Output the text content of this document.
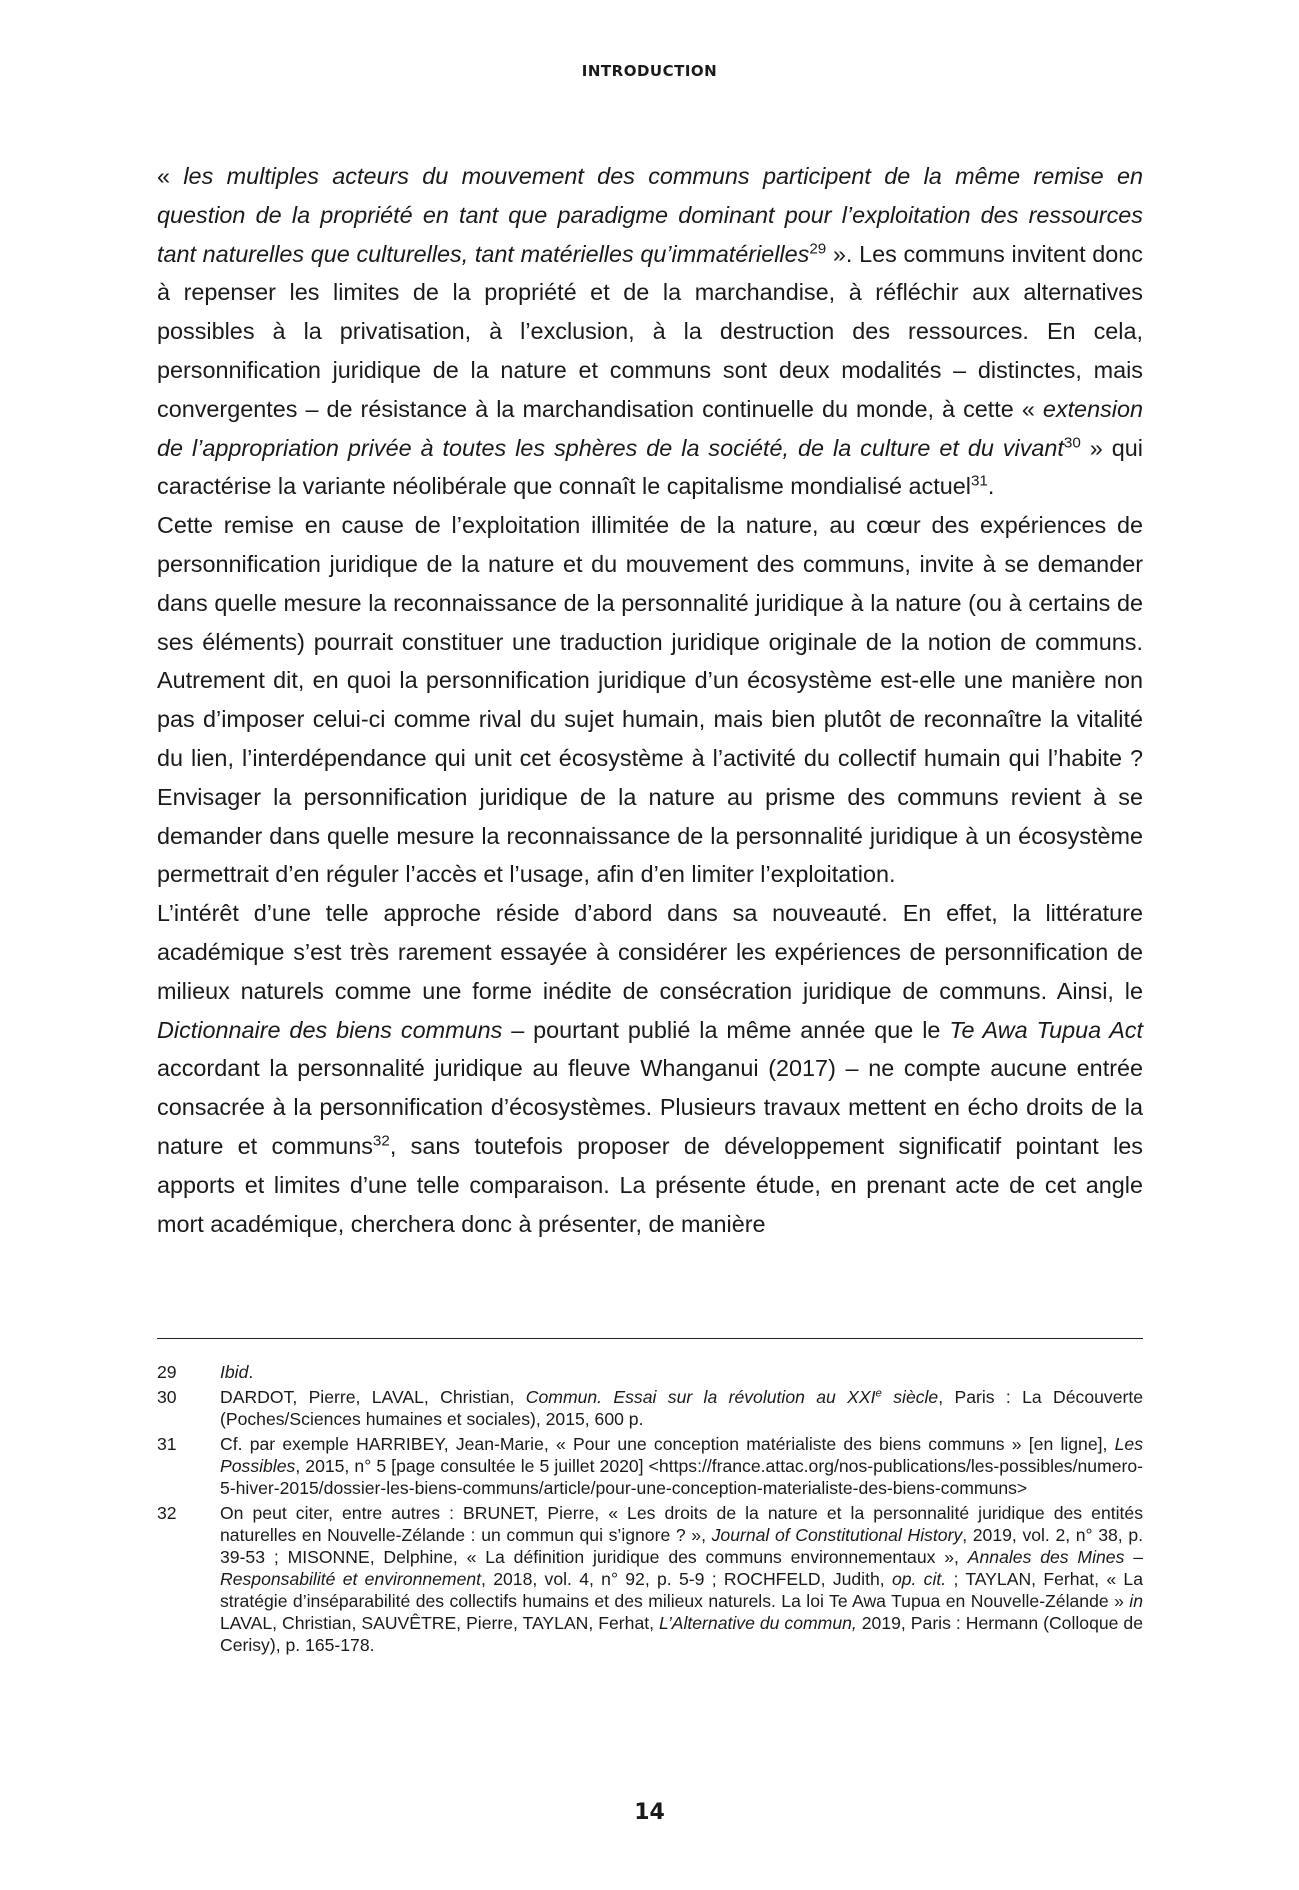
INTRODUCTION

« les multiples acteurs du mouvement des communs participent de la même remise en question de la propriété en tant que paradigme dominant pour l’exploitation des ressources tant naturelles que culturelles, tant matérielles qu’immatérielles$^{29}$ ». Les communs invitent donc à repenser les limites de la propriété et de la marchandise, à réfléchir aux alternatives possibles à la privatisation, à l’exclusion, à la destruction des ressources. En cela, personnification juridique de la nature et communs sont deux modalités – distinctes, mais convergentes – de résistance à la marchandisation continuelle du monde, à cette « extension de l’appropriation privée à toutes les sphères de la société, de la culture et du vivant$^{30}$ » qui caractérise la variante néolibérale que connaît le capitalisme mondialisé actuel$^{31}$.

Cette remise en cause de l’exploitation illimitée de la nature, au cœur des expériences de personnification juridique de la nature et du mouvement des communs, invite à se demander dans quelle mesure la reconnaissance de la personnalité juridique à la nature (ou à certains de ses éléments) pourrait constituer une traduction juridique originale de la notion de communs. Autrement dit, en quoi la personnification juridique d’un écosystème est-elle une manière non pas d’imposer celui-ci comme rival du sujet humain, mais bien plutôt de reconnaître la vitalité du lien, l’interdépendance qui unit cet écosystème à l’activité du collectif humain qui l’habite ? Envisager la personnification juridique de la nature au prisme des communs revient à se demander dans quelle mesure la reconnaissance de la personnalité juridique à un écosystème permettrait d’en réguler l’accès et l’usage, afin d’en limiter l’exploitation.

L’intérêt d’une telle approche réside d’abord dans sa nouveauté. En effet, la littérature académique s’est très rarement essayée à considérer les expériences de personnification de milieux naturels comme une forme inédite de consécration juridique de communs. Ainsi, le Dictionnaire des biens communs – pourtant publié la même année que le Te Awa Tupua Act accordant la personnalité juridique au fleuve Whanganui (2017) – ne compte aucune entrée consacrée à la personnification d’écosystèmes. Plusieurs travaux mettent en écho droits de la nature et communs$^{32}$, sans toutefois proposer de développement significatif pointant les apports et limites d’une telle comparaison. La présente étude, en prenant acte de cet angle mort académique, cherchera donc à présenter, de manière

29	Ibid.
30	DARDOT, Pierre, LAVAL, Christian, Commun. Essai sur la révolution au XXIe siècle, Paris : La Découverte (Poches/Sciences humaines et sociales), 2015, 600 p.
31	Cf. par exemple HARRIBEY, Jean-Marie, « Pour une conception matérialiste des biens communs » [en ligne], Les Possibles, 2015, n° 5 [page consultée le 5 juillet 2020] <https://france.attac.org/nos-publications/les-possibles/numero-5-hiver-2015/dossier-les-biens-communs/article/pour-une-conception-materialiste-des-biens-communs>
32	On peut citer, entre autres : BRUNET, Pierre, « Les droits de la nature et la personnalité juridique des entités naturelles en Nouvelle-Zélande : un commun qui s’ignore ? », Journal of Constitutional History, 2019, vol. 2, n° 38, p. 39-53 ; MISONNE, Delphine, « La définition juridique des communs environnementaux », Annales des Mines – Responsabilité et environnement, 2018, vol. 4, n° 92, p. 5-9 ; ROCHFELD, Judith, op. cit. ; TAYLAN, Ferhat, « La stratégie d’inséparabilité des collectifs humains et des milieux naturels. La loi Te Awa Tupua en Nouvelle-Zélande » in LAVAL, Christian, SAUVÊTRE, Pierre, TAYLAN, Ferhat, L’Alternative du commun, 2019, Paris : Hermann (Colloque de Cerisy), p. 165-178.
14
